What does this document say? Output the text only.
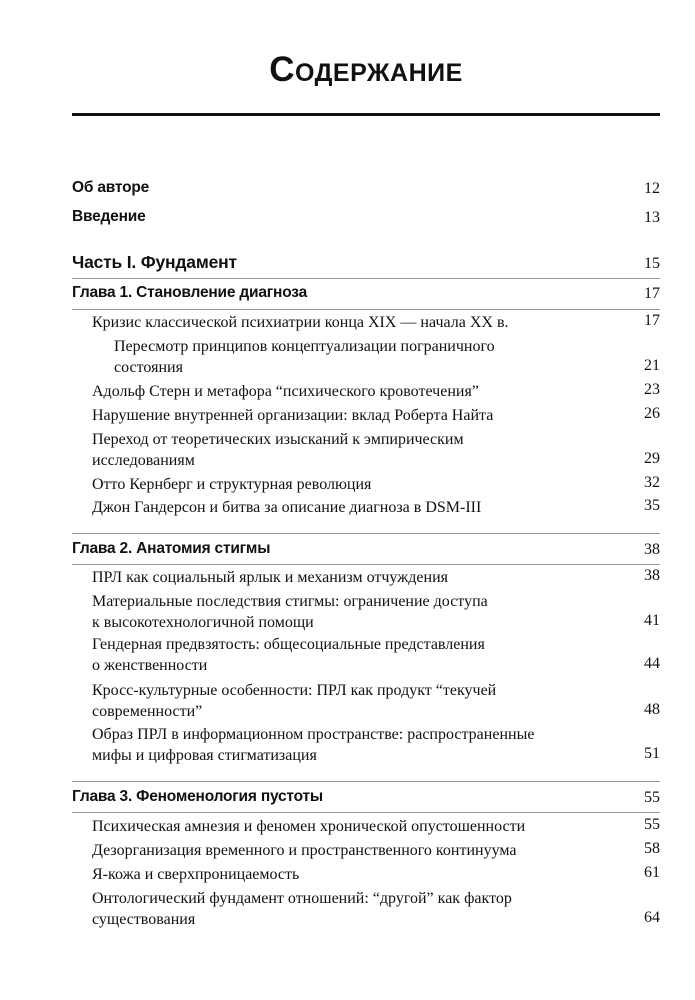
Содержание
Об авторе	12
Введение	13
Часть I. Фундамент	15
Глава 1. Становление диагноза	17
Кризис классической психиатрии конца XIX — начала XX в.	17
Пересмотр принципов концептуализации пограничного
состояния	21
Адольф Стерн и метафора “психического кровотечения”	23
Нарушение внутренней организации: вклад Роберта Найта	26
Переход от теоретических изысканий к эмпирическим
исследованиям	29
Отто Кернберг и структурная революция	32
Джон Гандерсон и битва за описание диагноза в DSM-III	35
Глава 2. Анатомия стигмы	38
ПРЛ как социальный ярлык и механизм отчуждения	38
Материальные последствия стигмы: ограничение доступа
к высокотехнологичной помощи	41
Гендерная предвзятость: общесоциальные представления
о женственности	44
Кросс-культурные особенности: ПРЛ как продукт “текучей
современности”	48
Образ ПРЛ в информационном пространстве: распространенные
мифы и цифровая стигматизация	51
Глава 3. Феноменология пустоты	55
Психическая амнезия и феномен хронической опустошенности	55
Дезорганизация временного и пространственного континуума	58
Я-кожа и сверхпроницаемость	61
Онтологический фундамент отношений: “другой” как фактор
существования	64
